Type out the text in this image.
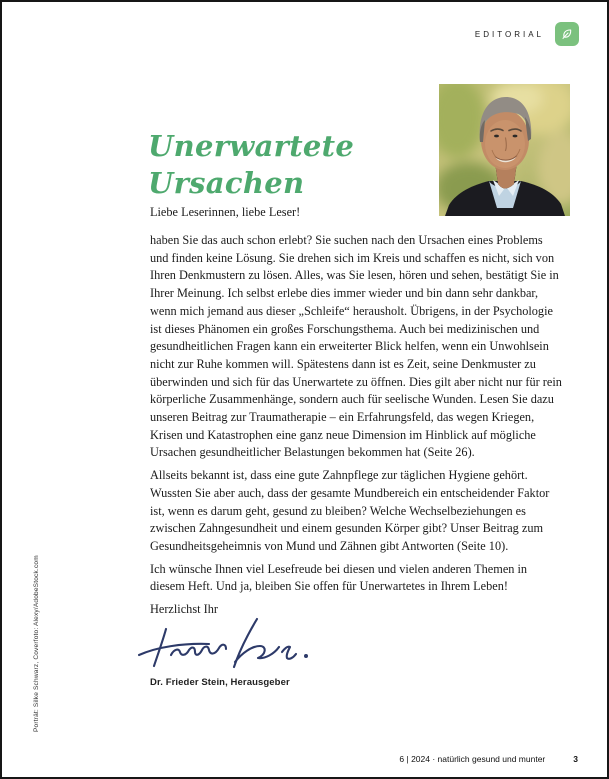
EDITORIAL
Unerwartete
Ursachen
Liebe Leserinnen, liebe Leser!

haben Sie das auch schon erlebt? Sie suchen nach den Ursachen eines Problems und finden keine Lösung. Sie drehen sich im Kreis und schaffen es nicht, sich von Ihren Denkmustern zu lösen. Alles, was Sie lesen, hören und sehen, bestätigt Sie in Ihrer Meinung. Ich selbst erlebe dies immer wieder und bin dann sehr dankbar, wenn mich jemand aus dieser „Schleife“ herausholt. Übrigens, in der Psychologie ist dieses Phänomen ein großes Forschungsthema. Auch bei medizinischen und gesundheitlichen Fragen kann ein erweiterter Blick helfen, wenn ein Unwohlsein nicht zur Ruhe kommen will. Spätestens dann ist es Zeit, seine Denkmuster zu überwinden und sich für das Unerwartete zu öffnen. Dies gilt aber nicht nur für rein körperliche Zusammenhänge, sondern auch für seelische Wunden. Lesen Sie dazu unseren Beitrag zur Traumatherapie – ein Erfahrungsfeld, das wegen Kriegen, Krisen und Katastrophen eine ganz neue Dimension im Hinblick auf mögliche Ursachen gesundheitlicher Belastungen bekommen hat (Seite 26).

Allseits bekannt ist, dass eine gute Zahnpflege zur täglichen Hygiene gehört. Wussten Sie aber auch, dass der gesamte Mundbereich ein entscheidender Faktor ist, wenn es darum geht, gesund zu bleiben? Welche Wechselbeziehungen es zwischen Zahngesundheit und einem gesunden Körper gibt? Unser Beitrag zum Gesundheitsgeheimnis von Mund und Zähnen gibt Antworten (Seite 10).

Ich wünsche Ihnen viel Lesefreude bei diesen und vielen anderen Themen in diesem Heft. Und ja, bleiben Sie offen für Unerwartetes in Ihrem Leben!

Herzlichst Ihr

Dr. Frieder Stein, Herausgeber
Porträt: Silke Schwarz, Coverfoto: Alexy/AdobeStock.com
6 | 2024 · natürlich gesund und munter	3
